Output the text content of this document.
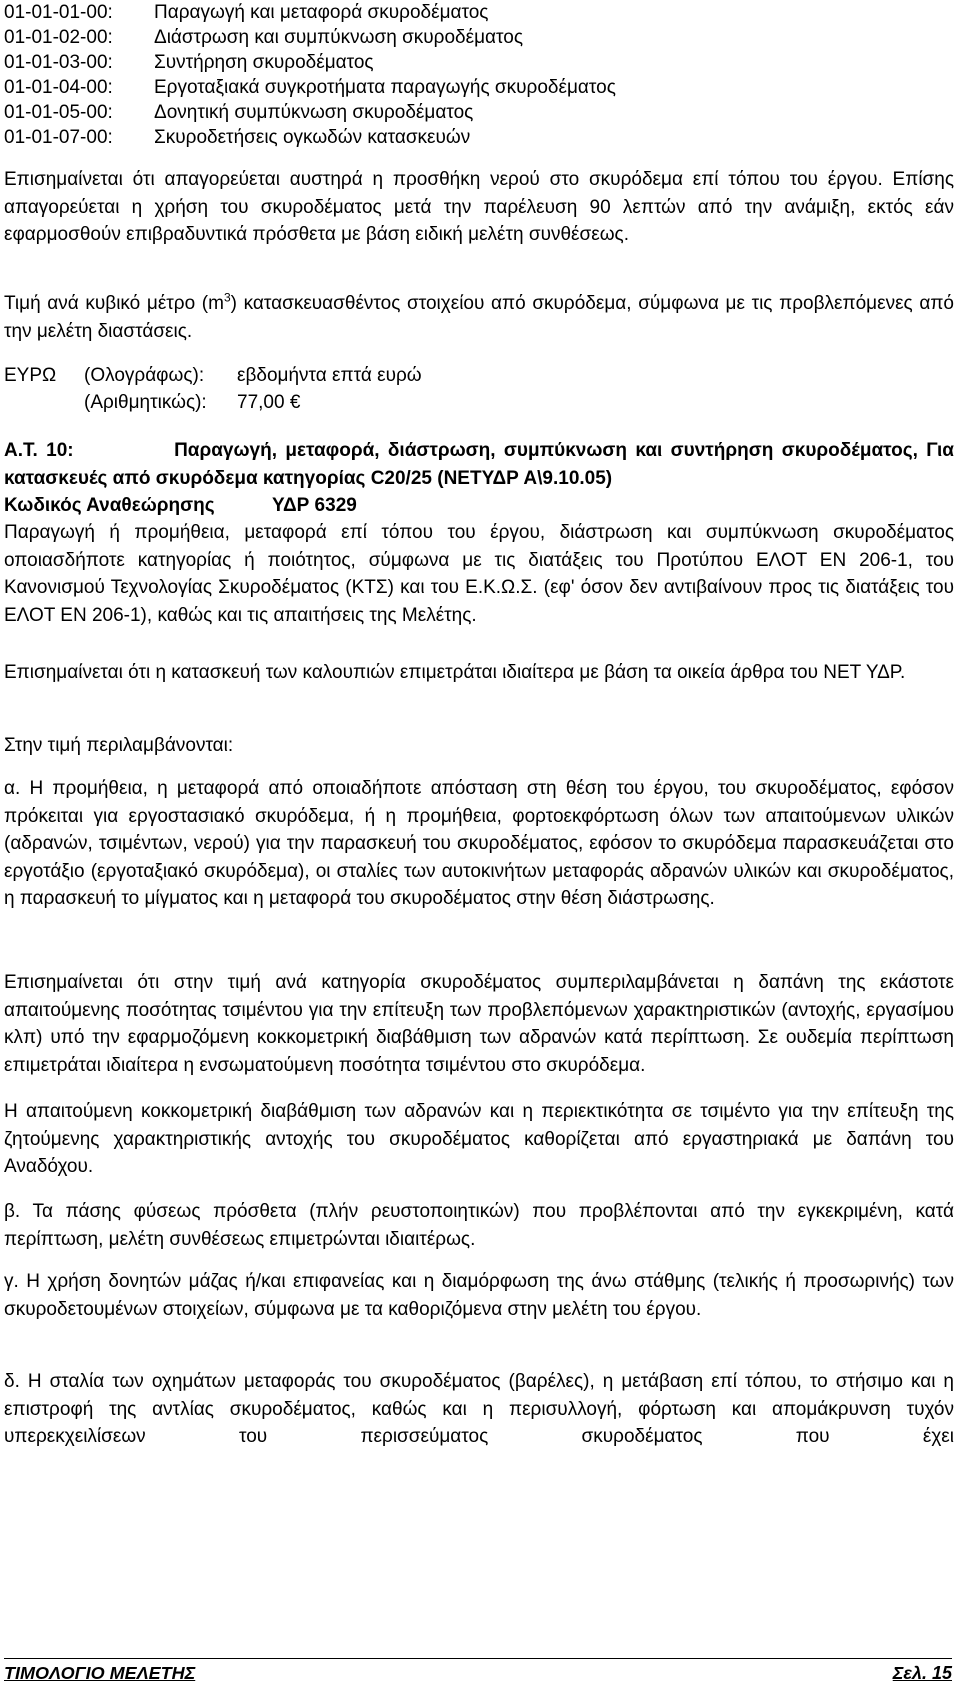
01-01-01-00:	Παραγωγή και μεταφορά σκυροδέματος
01-01-02-00:	Διάστρωση και συμπύκνωση σκυροδέματος
01-01-03-00:	Συντήρηση σκυροδέματος
01-01-04-00:	Εργοταξιακά συγκροτήματα παραγωγής σκυροδέματος
01-01-05-00:	Δονητική συμπύκνωση σκυροδέματος
01-01-07-00:	Σκυροδετήσεις ογκωδών κατασκευών
Επισημαίνεται ότι απαγορεύεται αυστηρά η προσθήκη νερού στο σκυρόδεμα επί τόπου του έργου. Επίσης απαγορεύεται η χρήση του σκυροδέματος μετά την παρέλευση 90 λεπτών από την ανάμιξη, εκτός εάν εφαρμοσθούν επιβραδυντικά πρόσθετα με βάση ειδική μελέτη συνθέσεως.
Τιμή ανά κυβικό μέτρο $(m^3)$ κατασκευασθέντος στοιχείου από σκυρόδεμα, σύμφωνα με τις προβλεπόμενες από την μελέτη διαστάσεις.
ΕΥΡΩ (Ολογράφως): εβδομήντα επτά ευρώ
(Αριθμητικώς): 77,00 €
Α.Τ. 10:	Παραγωγή, μεταφορά, διάστρωση, συμπύκνωση και συντήρηση σκυροδέματος, Για κατασκευές από σκυρόδεμα κατηγορίας C20/25 (ΝΕΤΥΔΡ Α\9.10.05)
Κωδικός Αναθεώρησης	ΥΔΡ 6329
Παραγωγή ή προμήθεια, μεταφορά επί τόπου του έργου, διάστρωση και συμπύκνωση σκυροδέματος οποιασδήποτε κατηγορίας ή ποιότητος, σύμφωνα με τις διατάξεις του Προτύπου ΕΛΟΤ ΕΝ 206-1, του Κανονισμού Τεχνολογίας Σκυροδέματος (ΚΤΣ) και του Ε.Κ.Ω.Σ. (εφ' όσον δεν αντιβαίνουν προς τις διατάξεις του ΕΛΟΤ ΕΝ 206-1), καθώς και τις απαιτήσεις της Μελέτης.
Επισημαίνεται ότι η κατασκευή των καλουπιών επιμετράται ιδιαίτερα με βάση τα οικεία άρθρα του ΝΕΤ ΥΔΡ.
Στην τιμή περιλαμβάνονται:
α. Η προμήθεια, η μεταφορά από οποιαδήποτε απόσταση στη θέση του έργου, του σκυροδέματος, εφόσον πρόκειται για εργοστασιακό σκυρόδεμα, ή η προμήθεια, φορτοεκφόρτωση όλων των απαιτούμενων υλικών (αδρανών, τσιμέντων, νερού) για την παρασκευή του σκυροδέματος, εφόσον το σκυρόδεμα παρασκευάζεται στο εργοτάξιο (εργοταξιακό σκυρόδεμα), οι σταλίες των αυτοκινήτων μεταφοράς αδρανών υλικών και σκυροδέματος, η παρασκευή το μίγματος και η μεταφορά του σκυροδέματος στην θέση διάστρωσης.
Επισημαίνεται ότι στην τιμή ανά κατηγορία σκυροδέματος συμπεριλαμβάνεται η δαπάνη της εκάστοτε απαιτούμενης ποσότητας τσιμέντου για την επίτευξη των προβλεπόμενων χαρακτηριστικών (αντοχής, εργασίμου κλπ) υπό την εφαρμοζόμενη κοκκομετρική διαβάθμιση των αδρανών κατά περίπτωση. Σε ουδεμία περίπτωση επιμετράται ιδιαίτερα η ενσωματούμενη ποσότητα τσιμέντου στο σκυρόδεμα.
Η απαιτούμενη κοκκομετρική διαβάθμιση των αδρανών και η περιεκτικότητα σε τσιμέντο για την επίτευξη της ζητούμενης χαρακτηριστικής αντοχής του σκυροδέματος καθορίζεται από εργαστηριακά με δαπάνη του Αναδόχου.
β. Τα πάσης φύσεως πρόσθετα (πλήν ρευστοποιητικών) που προβλέπονται από την εγκεκριμένη, κατά περίπτωση, μελέτη συνθέσεως επιμετρώνται ιδιαιτέρως.
γ. Η χρήση δονητών μάζας ή/και επιφανείας και η διαμόρφωση της άνω στάθμης (τελικής ή προσωρινής) των σκυροδετουμένων στοιχείων, σύμφωνα με τα καθοριζόμενα στην μελέτη του έργου.
δ. Η σταλία των οχημάτων μεταφοράς του σκυροδέματος (βαρέλες), η μετάβαση επί τόπου, το στήσιμο και η επιστροφή της αντλίας σκυροδέματος, καθώς και η περισυλλογή, φόρτωση και απομάκρυνση τυχόν υπερεκχειλίσεων του περισσεύματος σκυροδέματος που έχει
ΤΙΜΟΛΟΓΙΟ ΜΕΛΕΤΗΣ	Σελ. 15
